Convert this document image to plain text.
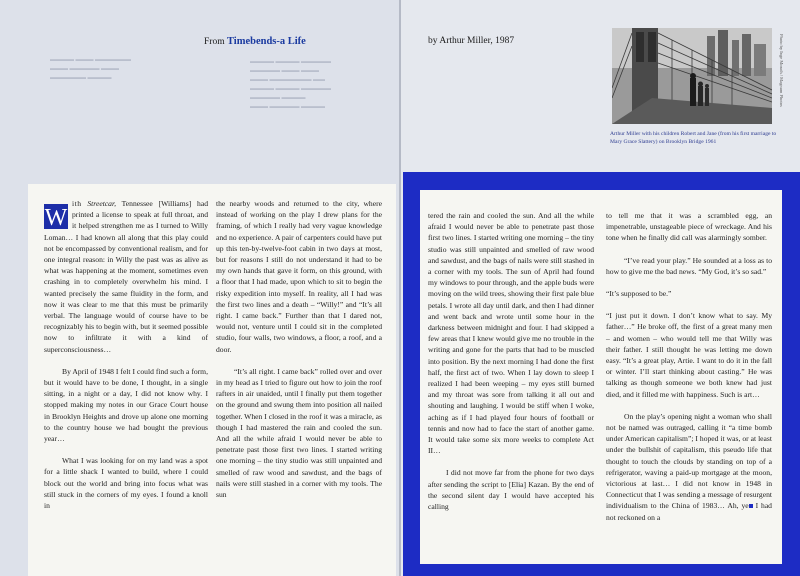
▬▬▬▬ ▬▬▬ ▬▬▬▬▬▬
▬▬▬ ▬▬▬▬▬ ▬▬▬
▬▬▬▬▬▬ ▬▬▬▬
▬▬▬▬ ▬▬▬▬ ▬▬▬▬▬
▬▬▬▬▬ ▬▬▬ ▬▬▬
▬▬▬ ▬▬▬▬▬▬▬ ▬▬
▬▬▬▬ ▬▬▬▬ ▬▬▬▬▬
▬▬▬▬▬ ▬▬▬▬
▬▬▬ ▬▬▬▬▬ ▬▬▬▬
From Timebends-a Life	by Arthur Miller, 1987	Photo by Inge Morath / Magnum Photos
Arthur Miller with his children Robert and Jane (from his first marriage to Mary Grace Slattery) on Brooklyn Bridge 1961

W
ith Streetcar, Tennessee [Williams] had printed a license to speak at full throat, and it helped strengthen me as I turned to Willy Loman… I had known all along that this play could not be encompassed by conventional realism, and for one integral reason: in Willy the past was as alive as what was happening at the moment, sometimes even crashing in to completely overwhelm his mind. I wanted precisely the same fluidity in the form, and now it was clear to me that this must be primarily verbal. The language would of course have to be recognizably his to begin with, but it seemed possible now to infiltrate it with a kind of superconsciousness…

By April of 1948 I felt I could find such a form, but it would have to be done, I thought, in a single sitting, in a night or a day, I did not know why. I stopped making my notes in our Grace Court house in Brooklyn Heights and drove up alone one morning to the country house we had bought the previous year…

What I was looking for on my land was a spot for a little shack I wanted to build, where I could block out the world and bring into focus what was still stuck in the corners of my eyes. I found a knoll in

the nearby woods and returned to the city, where instead of working on the play I drew plans for the framing, of which I really had very vague knowledge and no experience. A pair of carpenters could have put up this ten-by-twelve-foot cabin in two days at most, but for reasons I still do not understand it had to be my own hands that gave it form, on this ground, with a floor that I had made, upon which to sit to begin the risky expedition into myself. In reality, all I had was the first two lines and a death – “Willy!” and “It’s all right. I came back.” Further than that I dared not, would not, venture until I could sit in the completed studio, four walls, two windows, a floor, a roof, and a door.

“It’s all right. I came back” rolled over and over in my head as I tried to figure out how to join the roof rafters in air unaided, until I finally put them together on the ground and swung them into position all nailed together. When I closed in the roof it was a miracle, as though I had mastered the rain and cooled the sun. And all the while afraid I would never be able to penetrate past those first two lines. I started writing one morning – the tiny studio was still unpainted and smelled of raw wood and sawdust, and the bags of nails were still stashed in a corner with my tools. The sun

tered the rain and cooled the sun. And all the while afraid I would never be able to penetrate past those first two lines. I started writing one morning – the tiny studio was still unpainted and smelled of raw wood and sawdust, and the bags of nails were still stashed in a corner with my tools. The sun of April had found my windows to pour through, and the apple buds were moving on the wild trees, showing their first pale blue petals. I wrote all day until dark, and then I had dinner and went back and wrote until some hour in the darkness between midnight and four. I had skipped a few areas that I knew would give me no trouble in the writing and gone for the parts that had to be muscled into position. By the next morning I had done the first half, the first act of two. When I lay down to sleep I realized I had been weeping – my eyes still burned and my throat was sore from talking it all out and shouting and laughing. I would be stiff when I woke, aching as if I had played four hours of football or tennis and now had to face the start of another game. It would take some six more weeks to complete Act II…

I did not move far from the phone for two days after sending the script to [Elia] Kazan. By the end of the second silent day I would have accepted his calling

to tell me that it was a scrambled egg, an impenetrable, unstageable piece of wreckage. And his tone when he finally did call was alarmingly somber.

“I’ve read your play.” He sounded at a loss as to how to give me the bad news. “My God, it’s so sad.”

“It’s supposed to be.”

“I just put it down. I don’t know what to say. My father…” He broke off, the first of a great many men – and women – who would tell me that Willy was their father. I still thought he was letting me down easy. “It’s a great play, Artie. I want to do it in the fall or winter. I’ll start thinking about casting.” He was talking as though someone we both knew had just died, and it filled me with happiness. Such is art…

On the play’s opening night a woman who shall not be named was outraged, calling it “a time bomb under American capitalism”; I hoped it was, or at least under the bullshit of capitalism, this pseudo life that thought to touch the clouds by standing on top of a refrigerator, waving a paid-up mortgage at the moon, victorious at last… I did not know in 1948 in Connecticut that I was sending a message of resurgent individualism to the China of 1983… Ah, ye I had not reckoned on a
